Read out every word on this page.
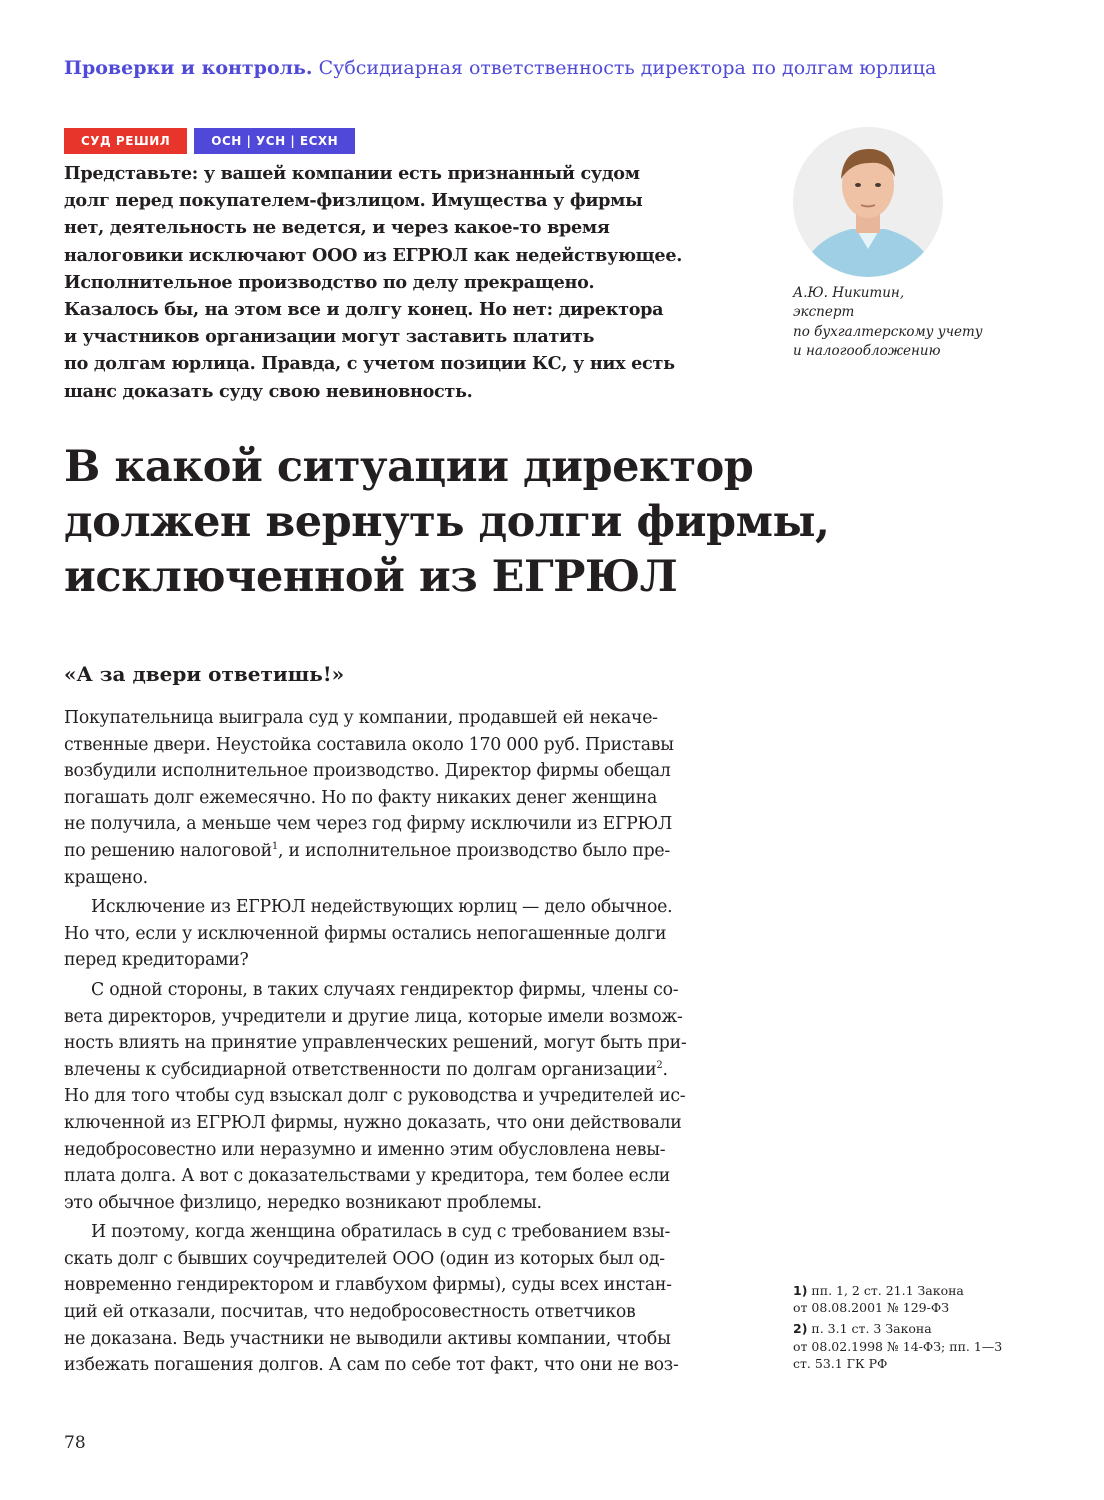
Проверки и контроль. Субсидиарная ответственность директора по долгам юрлица
СУД РЕШИЛ	ОСН | УСН | ЕСХН

Представьте: у вашей компании есть признанный судом
долг перед покупателем-физлицом. Имущества у фирмы
нет, деятельность не ведется, и через какое-то время
налоговики исключают ООО из ЕГРЮЛ как недействующее.
Исполнительное производство по делу прекращено.
Казалось бы, на этом все и долгу конец. Но нет: директора
и участников организации могут заставить платить
по долгам юрлица. Правда, с учетом позиции КС, у них есть
шанс доказать суду свою невиновность.

А.Ю. Никитин,
эксперт
по бухгалтерскому учету
и налогообложению
В какой ситуации директор
должен вернуть долги фирмы,
исключенной из ЕГРЮЛ
«А за двери ответишь!»
Покупательница выиграла суд у компании, продавшей ей некаче-
ственные двери. Неустойка составила около 170 000 руб. Приставы
возбудили исполнительное производство. Директор фирмы обещал
погашать долг ежемесячно. Но по факту никаких денег женщина
не получила, а меньше чем через год фирму исключили из ЕГРЮЛ
по решению налоговой$^1$, и исполнительное производство было пре-
кращено.
Исключение из ЕГРЮЛ недействующих юрлиц — дело обычное.
Но что, если у исключенной фирмы остались непогашенные долги
перед кредиторами?
С одной стороны, в таких случаях гендиректор фирмы, члены со-
вета директоров, учредители и другие лица, которые имели возмож-
ность влиять на принятие управленческих решений, могут быть при-
влечены к субсидиарной ответственности по долгам организации$^2$.
Но для того чтобы суд взыскал долг с руководства и учредителей ис-
ключенной из ЕГРЮЛ фирмы, нужно доказать, что они действовали
недобросовестно или неразумно и именно этим обусловлена невы-
плата долга. А вот с доказательствами у кредитора, тем более если
это обычное физлицо, нередко возникают проблемы.
И поэтому, когда женщина обратилась в суд с требованием взы-
скать долг с бывших соучредителей ООО (один из которых был од-
новременно гендиректором и главбухом фирмы), суды всех инстан-
ций ей отказали, посчитав, что недобросовестность ответчиков
не доказана. Ведь участники не выводили активы компании, чтобы
избежать погашения долгов. А сам по себе тот факт, что они не воз-
1) пп. 1, 2 ст. 21.1 Закона
от 08.08.2001 № 129-ФЗ
2) п. 3.1 ст. 3 Закона
от 08.02.1998 № 14-ФЗ; пп. 1—3
ст. 53.1 ГК РФ
78
